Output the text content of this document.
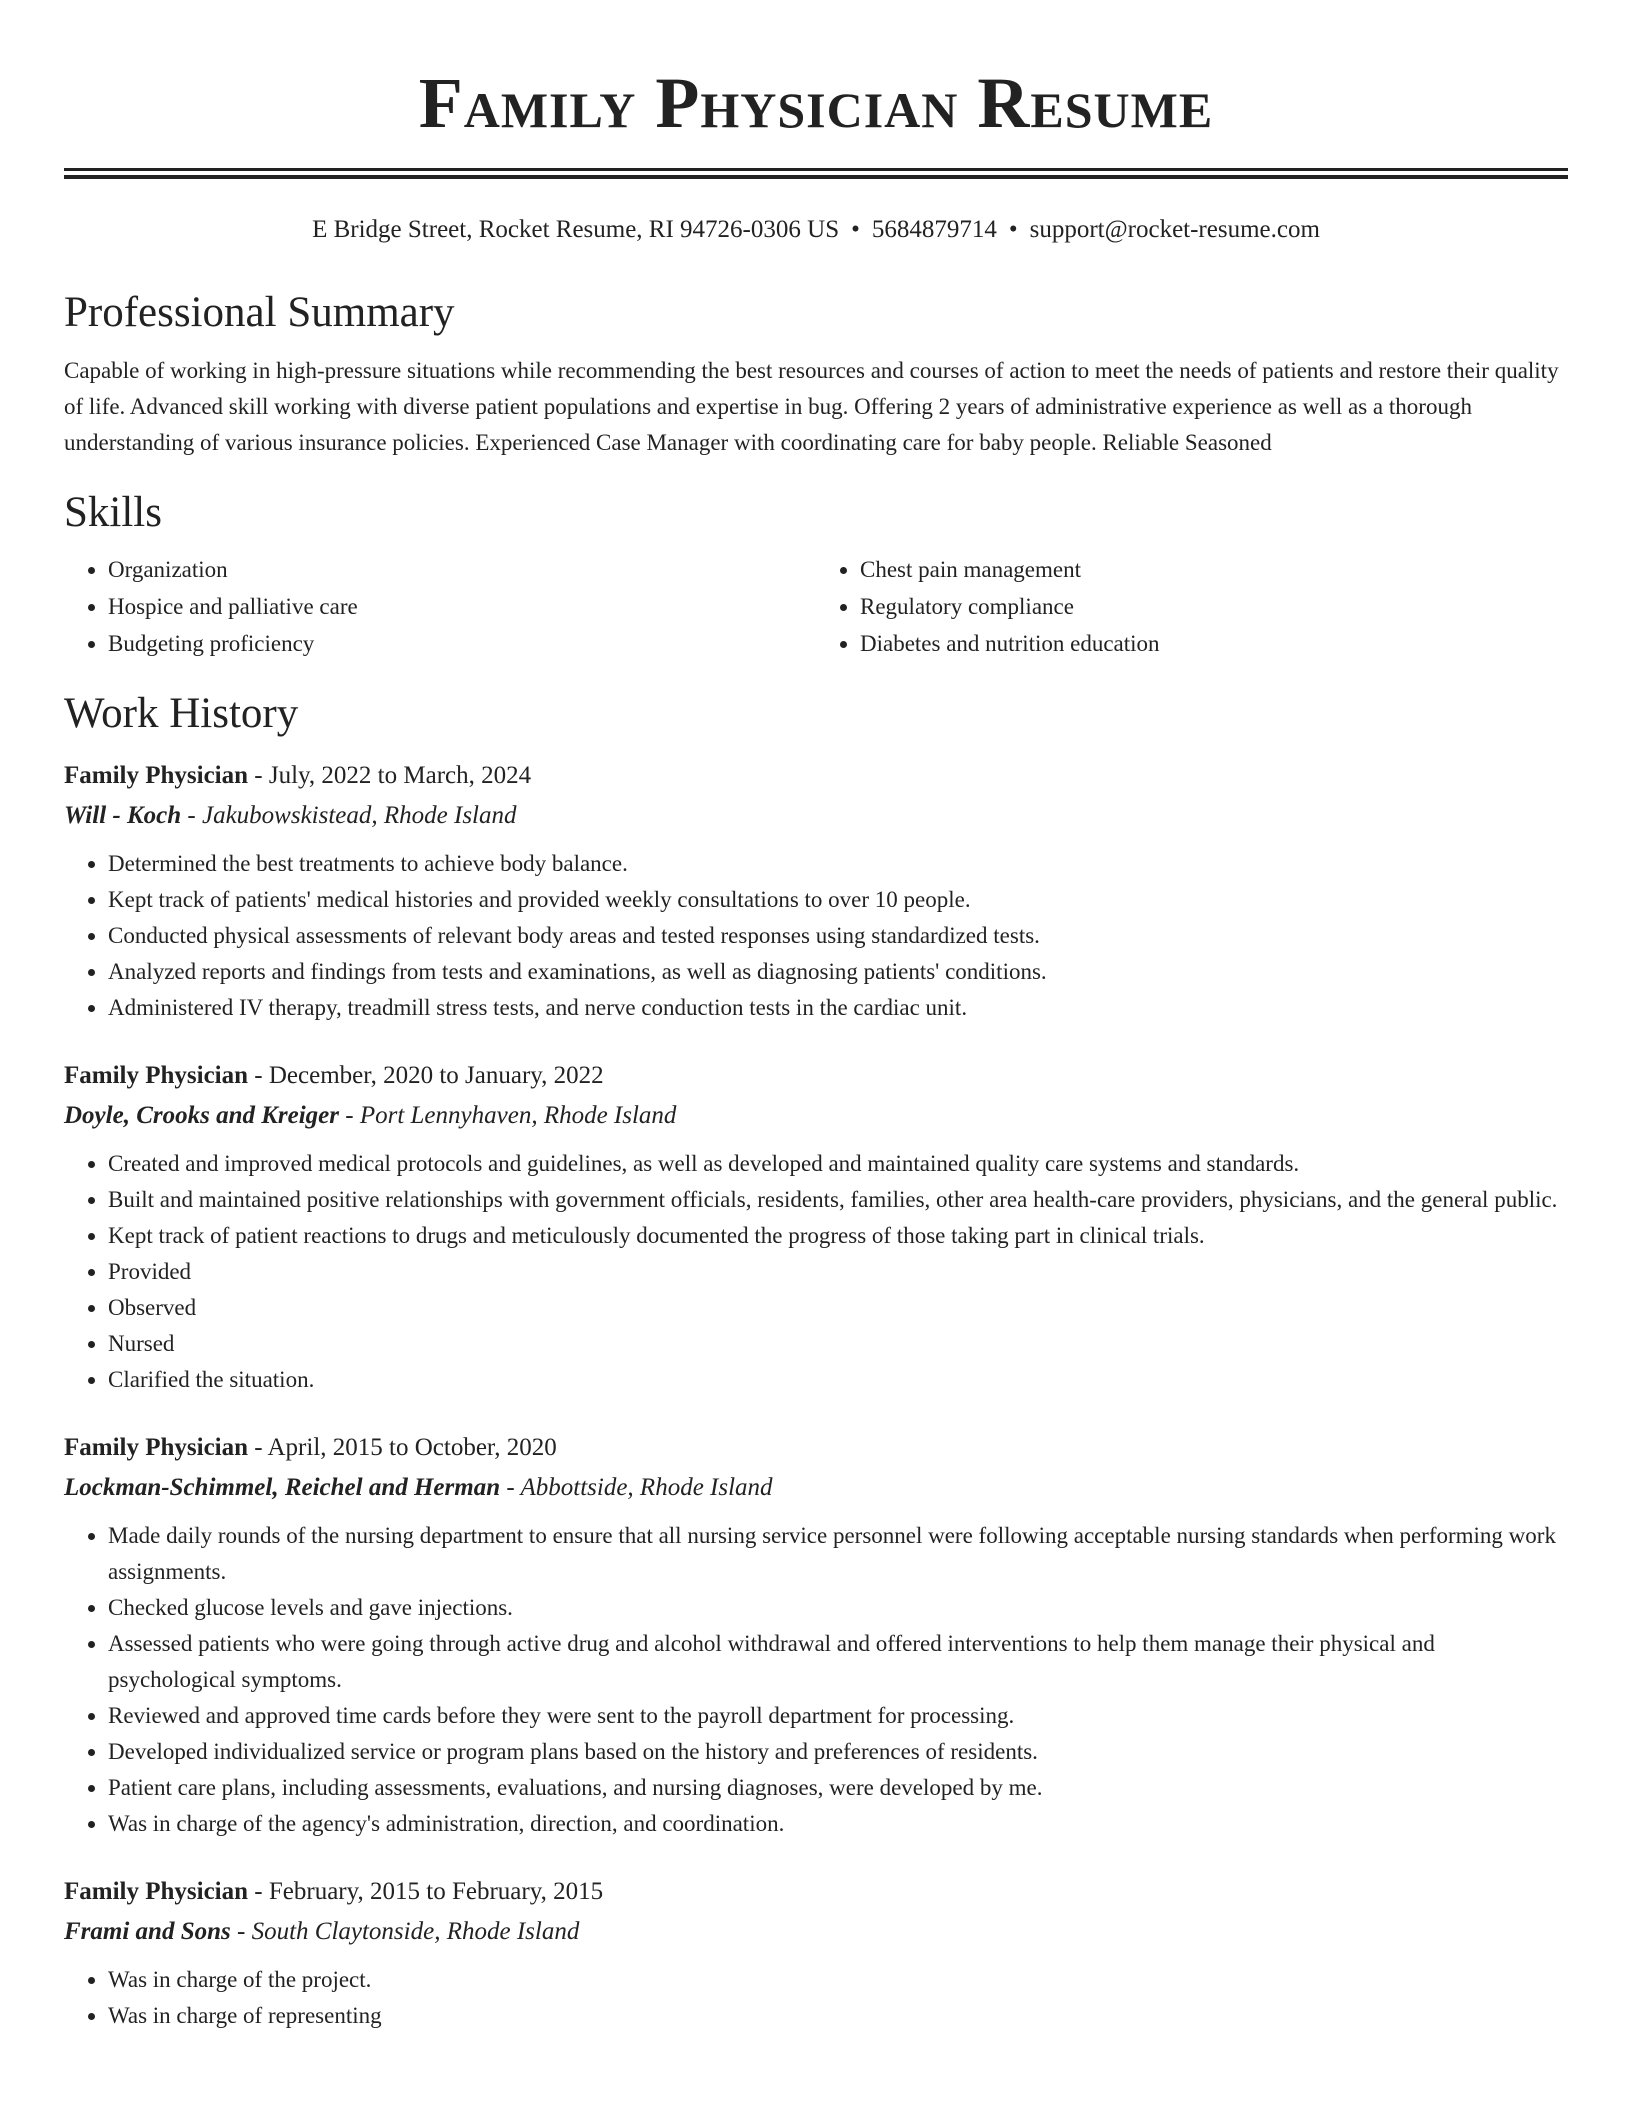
Family Physician Resume
E Bridge Street, Rocket Resume, RI 94726-0306 US • 5684879714 • support@rocket-resume.com
Professional Summary
Capable of working in high-pressure situations while recommending the best resources and courses of action to meet the needs of patients and restore their quality of life. Advanced skill working with diverse patient populations and expertise in bug. Offering 2 years of administrative experience as well as a thorough understanding of various insurance policies. Experienced Case Manager with coordinating care for baby people. Reliable Seasoned
Skills
• Organization
• Hospice and palliative care
• Budgeting proficiency
• Chest pain management
• Regulatory compliance
• Diabetes and nutrition education
Work History
Family Physician - July, 2022 to March, 2024
Will - Koch - Jakubowskistead, Rhode Island
• Determined the best treatments to achieve body balance.
• Kept track of patients' medical histories and provided weekly consultations to over 10 people.
• Conducted physical assessments of relevant body areas and tested responses using standardized tests.
• Analyzed reports and findings from tests and examinations, as well as diagnosing patients' conditions.
• Administered IV therapy, treadmill stress tests, and nerve conduction tests in the cardiac unit.
Family Physician - December, 2020 to January, 2022
Doyle, Crooks and Kreiger - Port Lennyhaven, Rhode Island
• Created and improved medical protocols and guidelines, as well as developed and maintained quality care systems and standards.
• Built and maintained positive relationships with government officials, residents, families, other area health-care providers, physicians, and the general public.
• Kept track of patient reactions to drugs and meticulously documented the progress of those taking part in clinical trials.
• Provided
• Observed
• Nursed
• Clarified the situation.
Family Physician - April, 2015 to October, 2020
Lockman-Schimmel, Reichel and Herman - Abbottside, Rhode Island
• Made daily rounds of the nursing department to ensure that all nursing service personnel were following acceptable nursing standards when performing work assignments.
• Checked glucose levels and gave injections.
• Assessed patients who were going through active drug and alcohol withdrawal and offered interventions to help them manage their physical and psychological symptoms.
• Reviewed and approved time cards before they were sent to the payroll department for processing.
• Developed individualized service or program plans based on the history and preferences of residents.
• Patient care plans, including assessments, evaluations, and nursing diagnoses, were developed by me.
• Was in charge of the agency's administration, direction, and coordination.
Family Physician - February, 2015 to February, 2015
Frami and Sons - South Claytonside, Rhode Island
• Was in charge of the project.
• Was in charge of representing
